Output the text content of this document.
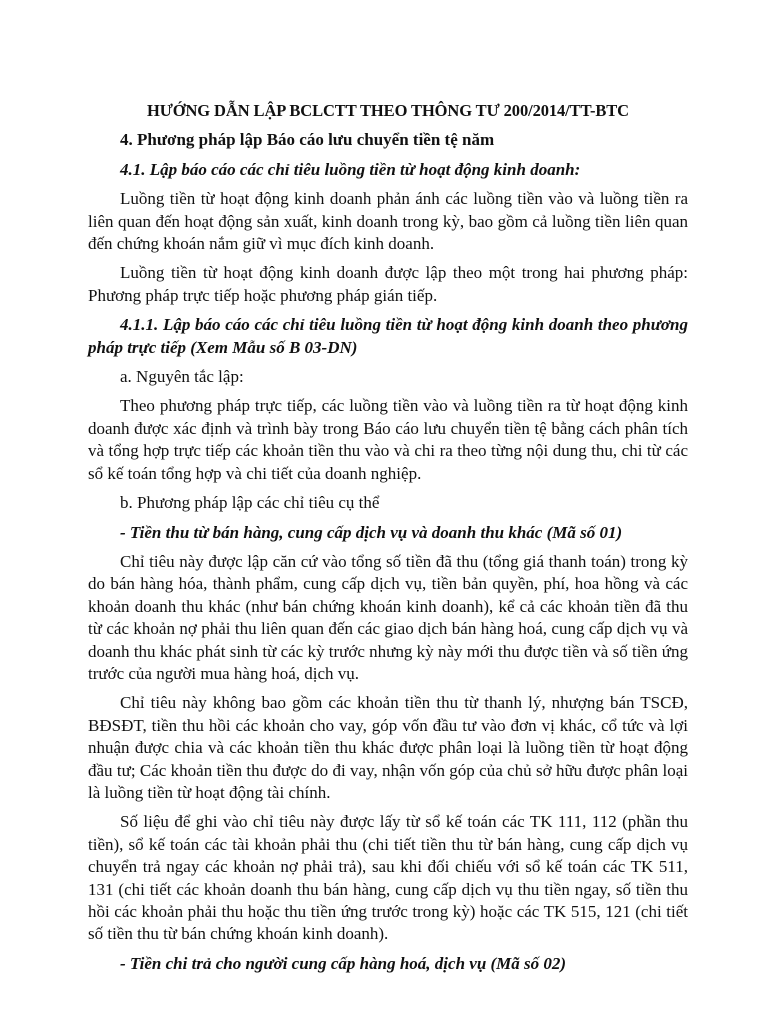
HƯỚNG DẪN LẬP BCLCTT THEO THÔNG TƯ 200/2014/TT-BTC
4. Phương pháp lập Báo cáo lưu chuyển tiền tệ năm
4.1. Lập báo cáo các chỉ tiêu luồng tiền từ hoạt động kinh doanh:
Luồng tiền từ hoạt động kinh doanh phản ánh các luồng tiền vào và luồng tiền ra liên quan đến hoạt động sản xuất, kinh doanh trong kỳ, bao gồm cả luồng tiền liên quan đến chứng khoán nắm giữ vì mục đích kinh doanh.
Luồng tiền từ hoạt động kinh doanh được lập theo một trong hai phương pháp: Phương pháp trực tiếp hoặc phương pháp gián tiếp.
4.1.1. Lập báo cáo các chỉ tiêu luồng tiền từ hoạt động kinh doanh theo phương pháp trực tiếp (Xem Mẫu số B 03-DN)
a. Nguyên tắc lập:
Theo phương pháp trực tiếp, các luồng tiền vào và luồng tiền ra từ hoạt động kinh doanh được xác định và trình bày trong Báo cáo lưu chuyển tiền tệ bằng cách phân tích và tổng hợp trực tiếp các khoản tiền thu vào và chi ra theo từng nội dung thu, chi từ các sổ kế toán tổng hợp và chi tiết của doanh nghiệp.
b. Phương pháp lập các chỉ tiêu cụ thể
- Tiền thu từ bán hàng, cung cấp dịch vụ và doanh thu khác (Mã số 01)
Chỉ tiêu này được lập căn cứ vào tổng số tiền đã thu (tổng giá thanh toán) trong kỳ do bán hàng hóa, thành phẩm, cung cấp dịch vụ, tiền bản quyền, phí, hoa hồng và các khoản doanh thu khác (như bán chứng khoán kinh doanh), kể cả các khoản tiền đã thu từ các khoản nợ phải thu liên quan đến các giao dịch bán hàng hoá, cung cấp dịch vụ và doanh thu khác phát sinh từ các kỳ trước nhưng kỳ này mới thu được tiền và số tiền ứng trước của người mua hàng hoá, dịch vụ.
Chỉ tiêu này không bao gồm các khoản tiền thu từ thanh lý, nhượng bán TSCĐ, BĐSĐT, tiền thu hồi các khoản cho vay, góp vốn đầu tư vào đơn vị khác, cổ tức và lợi nhuận được chia và các khoản tiền thu khác được phân loại là luồng tiền từ hoạt động đầu tư; Các khoản tiền thu được do đi vay, nhận vốn góp của chủ sở hữu được phân loại là luồng tiền từ hoạt động tài chính.
Số liệu để ghi vào chỉ tiêu này được lấy từ sổ kế toán các TK 111, 112 (phần thu tiền), sổ kế toán các tài khoản phải thu (chi tiết tiền thu từ bán hàng, cung cấp dịch vụ chuyển trả ngay các khoản nợ phải trả), sau khi đối chiếu với sổ kế toán các TK 511, 131 (chi tiết các khoản doanh thu bán hàng, cung cấp dịch vụ thu tiền ngay, số tiền thu hồi các khoản phải thu hoặc thu tiền ứng trước trong kỳ) hoặc các TK 515, 121 (chi tiết số tiền thu từ bán chứng khoán kinh doanh).
- Tiền chi trả cho người cung cấp hàng hoá, dịch vụ (Mã số 02)
